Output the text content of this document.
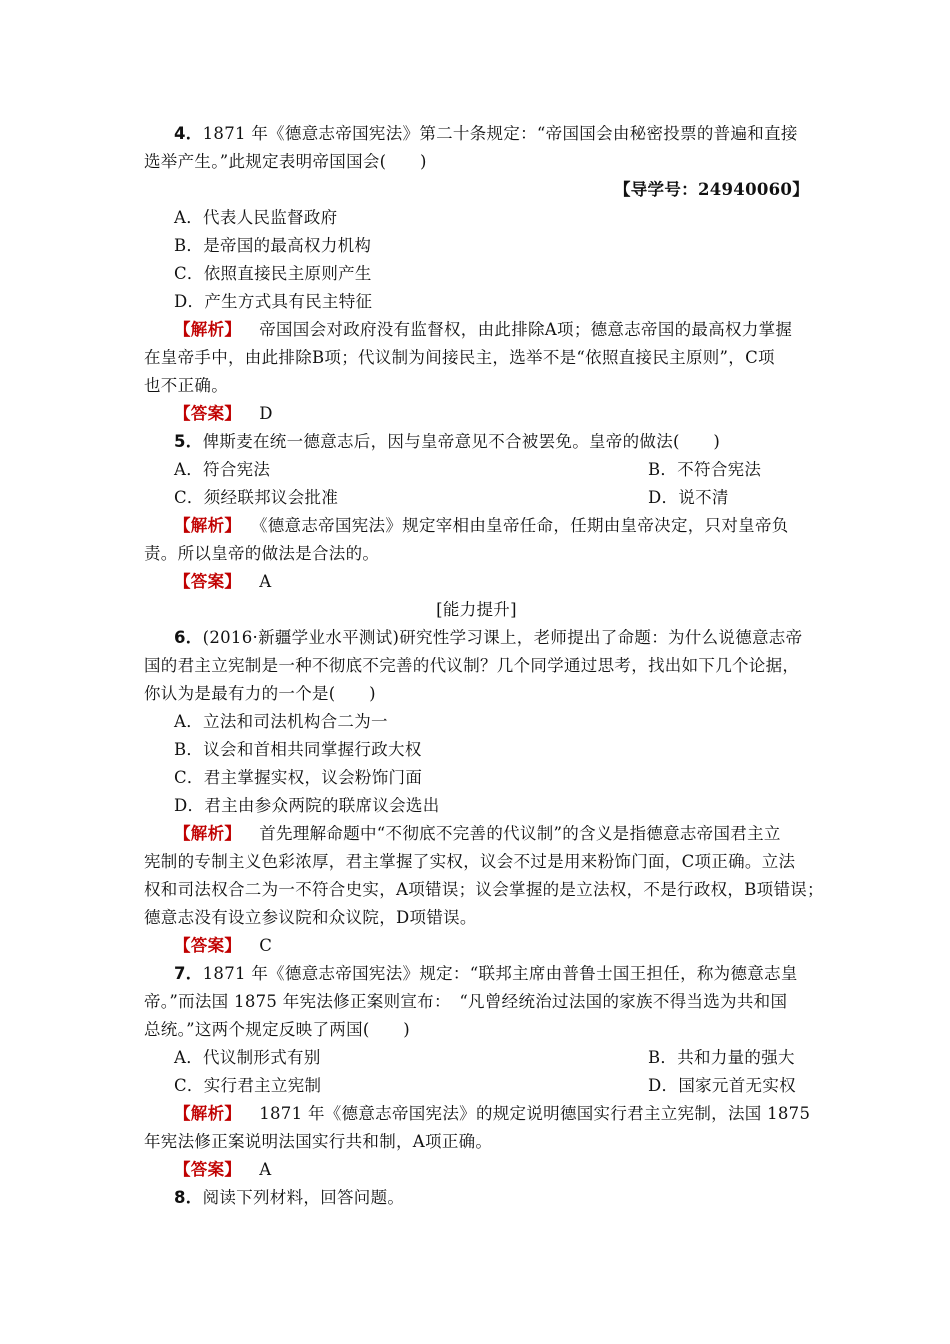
4．1871 年《德意志帝国宪法》第二十条规定：“帝国国会由秘密投票的普遍和直接
选举产生。”此规定表明帝国国会(　　)
【导学号：24940060】
A．代表人民监督政府
B．是帝国的最高权力机构
C．依照直接民主原则产生
D．产生方式具有民主特征
【解析】 帝国国会对政府没有监督权，由此排除A项；德意志帝国的最高权力掌握
在皇帝手中，由此排除B项；代议制为间接民主，选举不是“依照直接民主原则”，C项
也不正确。
【答案】 D
5．俾斯麦在统一德意志后，因与皇帝意见不合被罢免。皇帝的做法(　　)
A．符合宪法	B．不符合宪法
C．须经联邦议会批准	D．说不清
【解析】 《德意志帝国宪法》规定宰相由皇帝任命，任期由皇帝决定，只对皇帝负
责。所以皇帝的做法是合法的。
【答案】 A
[能力提升]
6．(2016·新疆学业水平测试)研究性学习课上，老师提出了命题：为什么说德意志帝
国的君主立宪制是一种不彻底不完善的代议制？几个同学通过思考，找出如下几个论据，
你认为是最有力的一个是(　　)
A．立法和司法机构合二为一
B．议会和首相共同掌握行政大权
C．君主掌握实权，议会粉饰门面
D．君主由参众两院的联席议会选出
【解析】 首先理解命题中“不彻底不完善的代议制”的含义是指德意志帝国君主立
宪制的专制主义色彩浓厚，君主掌握了实权，议会不过是用来粉饰门面，C项正确。立法
权和司法权合二为一不符合史实，A项错误；议会掌握的是立法权，不是行政权，B项错误；
德意志没有设立参议院和众议院，D项错误。
【答案】 C
7．1871 年《德意志帝国宪法》规定：“联邦主席由普鲁士国王担任，称为德意志皇
帝。”而法国 1875 年宪法修正案则宣布：　“凡曾经统治过法国的家族不得当选为共和国
总统。”这两个规定反映了两国(　　)
A．代议制形式有别	B．共和力量的强大
C．实行君主立宪制	D．国家元首无实权
【解析】 1871 年《德意志帝国宪法》的规定说明德国实行君主立宪制，法国 1875
年宪法修正案说明法国实行共和制，A项正确。
【答案】 A
8．阅读下列材料，回答问题。
